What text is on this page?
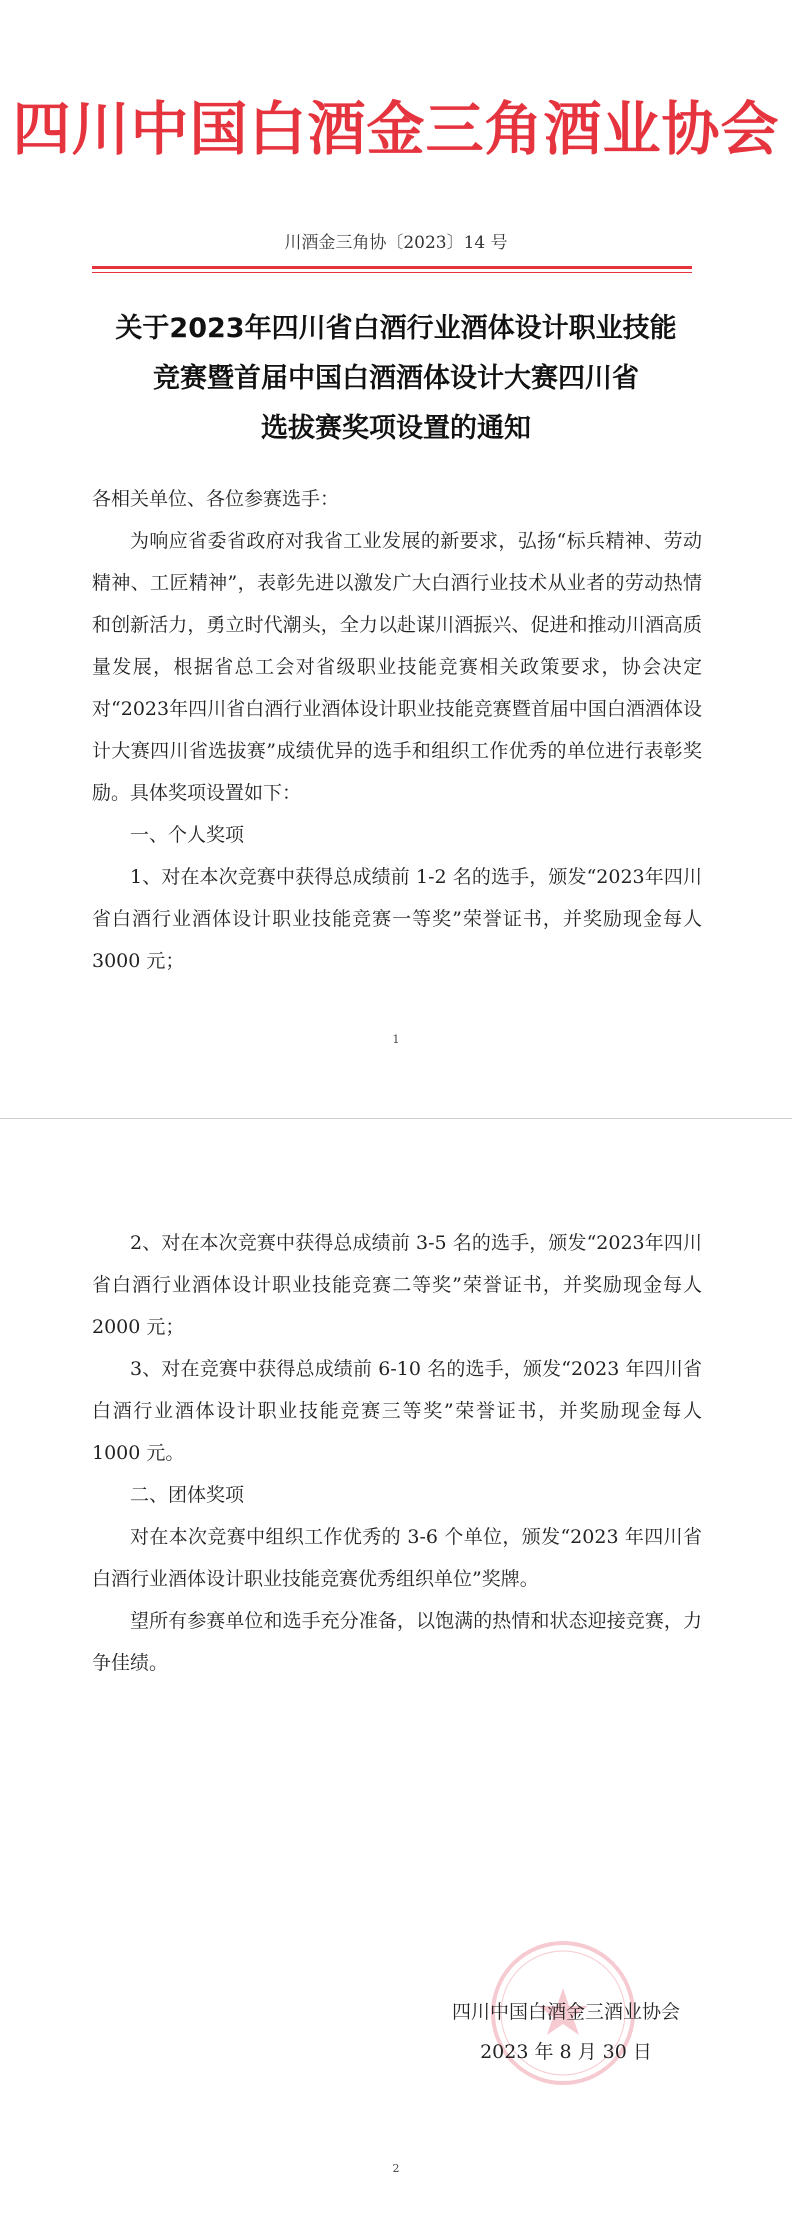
四川中国白酒金三角酒业协会
川酒金三角协〔2023〕14 号
关于2023年四川省白酒行业酒体设计职业技能
竞赛暨首届中国白酒酒体设计大赛四川省
选拔赛奖项设置的通知

各相关单位、各位参赛选手：

为响应省委省政府对我省工业发展的新要求，弘扬“标兵精神、劳动精神、工匠精神”，表彰先进以激发广大白酒行业技术从业者的劳动热情和创新活力，勇立时代潮头，全力以赴谋川酒振兴、促进和推动川酒高质量发展，根据省总工会对省级职业技能竞赛相关政策要求，协会决定对“2023年四川省白酒行业酒体设计职业技能竞赛暨首届中国白酒酒体设计大赛四川省选拔赛”成绩优异的选手和组织工作优秀的单位进行表彰奖励。具体奖项设置如下：

一、个人奖项

1、对在本次竞赛中获得总成绩前 1-2 名的选手，颁发“2023年四川省白酒行业酒体设计职业技能竞赛一等奖”荣誉证书，并奖励现金每人 3000 元；

1

2、对在本次竞赛中获得总成绩前 3-5 名的选手，颁发“2023年四川省白酒行业酒体设计职业技能竞赛二等奖”荣誉证书，并奖励现金每人 2000 元；

3、对在竞赛中获得总成绩前 6-10 名的选手，颁发“2023 年四川省白酒行业酒体设计职业技能竞赛三等奖”荣誉证书，并奖励现金每人 1000 元。

二、团体奖项

对在本次竞赛中组织工作优秀的 3-6 个单位，颁发“2023 年四川省白酒行业酒体设计职业技能竞赛优秀组织单位”奖牌。

望所有参赛单位和选手充分准备，以饱满的热情和状态迎接竞赛，力争佳绩。

四川中国白酒金三酒业协会
2023 年 8 月 30 日
2
